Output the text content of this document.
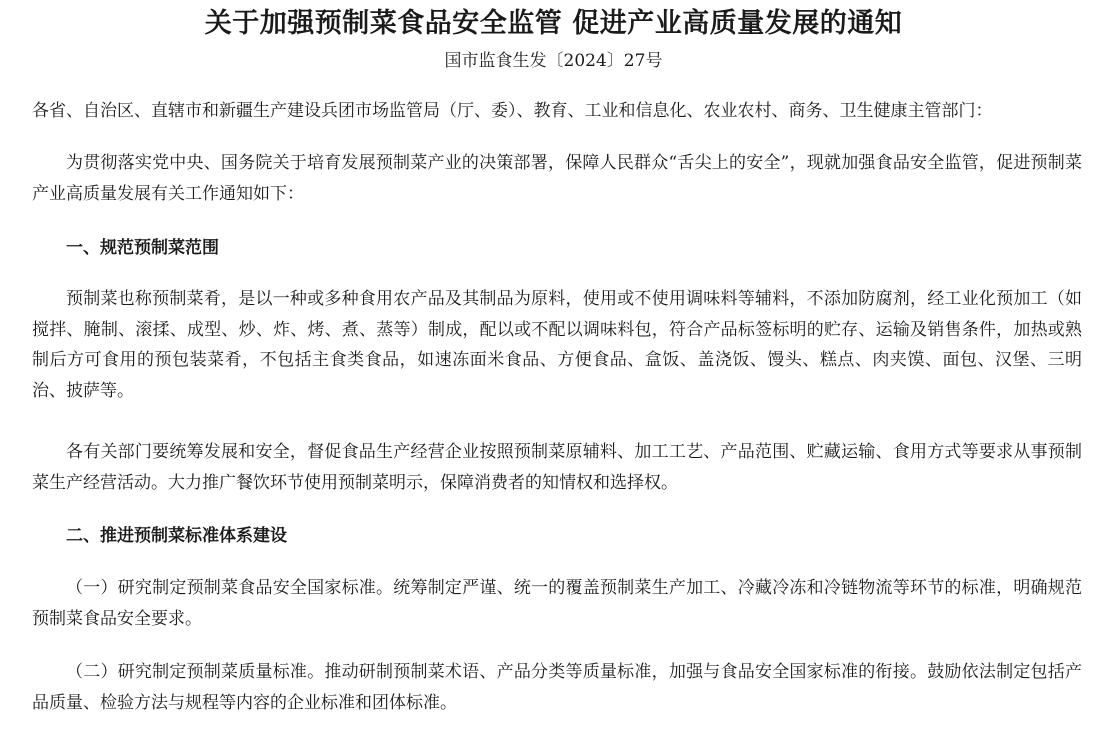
关于加强预制菜食品安全监管 促进产业高质量发展的通知

国市监食生发〔2024〕27号

各省、自治区、直辖市和新疆生产建设兵团市场监管局（厅、委）、教育、工业和信息化、农业农村、商务、卫生健康主管部门：

为贯彻落实党中央、国务院关于培育发展预制菜产业的决策部署，保障人民群众“舌尖上的安全”，现就加强食品安全监管，促进预制菜产业高质量发展有关工作通知如下：

一、规范预制菜范围

预制菜也称预制菜肴，是以一种或多种食用农产品及其制品为原料，使用或不使用调味料等辅料，不添加防腐剂，经工业化预加工（如搅拌、腌制、滚揉、成型、炒、炸、烤、煮、蒸等）制成，配以或不配以调味料包，符合产品标签标明的贮存、运输及销售条件，加热或熟制后方可食用的预包装菜肴，不包括主食类食品，如速冻面米食品、方便食品、盒饭、盖浇饭、馒头、糕点、肉夹馍、面包、汉堡、三明治、披萨等。

各有关部门要统筹发展和安全，督促食品生产经营企业按照预制菜原辅料、加工工艺、产品范围、贮藏运输、食用方式等要求从事预制菜生产经营活动。大力推广餐饮环节使用预制菜明示，保障消费者的知情权和选择权。

二、推进预制菜标准体系建设

（一）研究制定预制菜食品安全国家标准。统筹制定严谨、统一的覆盖预制菜生产加工、冷藏冷冻和冷链物流等环节的标准，明确规范预制菜食品安全要求。

（二）研究制定预制菜质量标准。推动研制预制菜术语、产品分类等质量标准，加强与食品安全国家标准的衔接。鼓励依法制定包括产品质量、检验方法与规程等内容的企业标准和团体标准。
